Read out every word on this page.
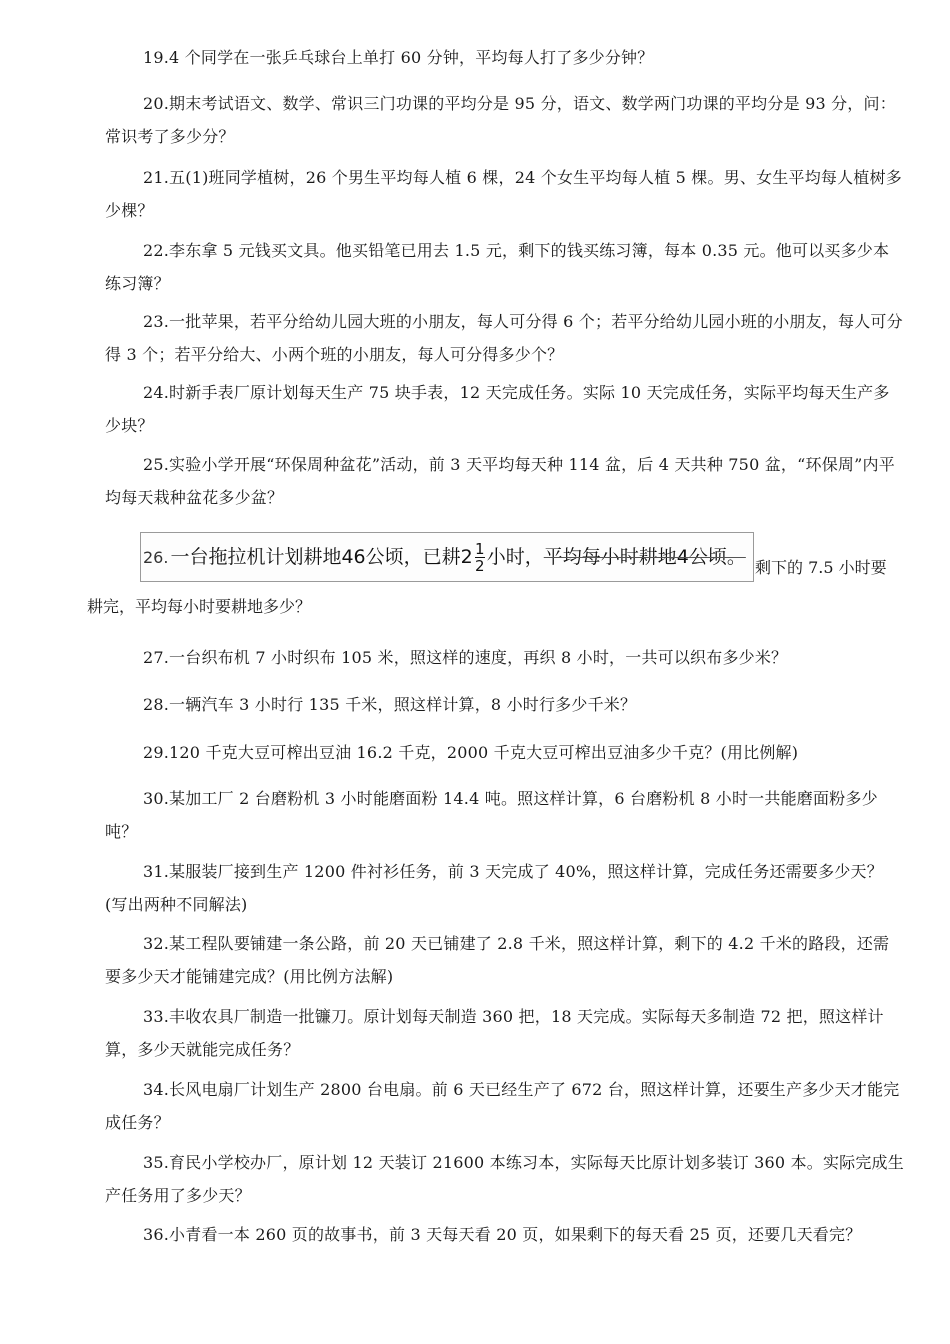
19.4 个同学在一张乒乓球台上单打 60 分钟，平均每人打了多少分钟？

20.期末考试语文、数学、常识三门功课的平均分是 95 分，语文、数学两门功课的平均分是 93 分，问：常识考了多少分？

21.五(1)班同学植树，26 个男生平均每人植 6 棵，24 个女生平均每人植 5 棵。男、女生平均每人植树多少棵？

22.李东拿 5 元钱买文具。他买铅笔已用去 1.5 元，剩下的钱买练习簿，每本 0.35 元。他可以买多少本练习簿？

23.一批苹果，若平分给幼儿园大班的小朋友，每人可分得 6 个；若平分给幼儿园小班的小朋友，每人可分得 3 个；若平分给大、小两个班的小朋友，每人可分得多少个？

24.时新手表厂原计划每天生产 75 块手表，12 天完成任务。实际 10 天完成任务，实际平均每天生产多少块？

25.实验小学开展“环保周种盆花”活动，前 3 天平均每天种 114 盆，后 4 天共种 750 盆，“环保周”内平均每天栽种盆花多少盆？

26. 一台拖拉机计划耕地46公顷，已耕$2 \frac{1}{2}$ 小时， 平均每小时耕地4公顷。 剩下的 7.5 小时要
耕完，平均每小时要耕地多少？

27.一台织布机 7 小时织布 105 米，照这样的速度，再织 8 小时，一共可以织布多少米？

28.一辆汽车 3 小时行 135 千米，照这样计算，8 小时行多少千米？

29.120 千克大豆可榨出豆油 16.2 千克，2000 千克大豆可榨出豆油多少千克？(用比例解)

30.某加工厂 2 台磨粉机 3 小时能磨面粉 14.4 吨。照这样计算，6 台磨粉机 8 小时一共能磨面粉多少吨？

31.某服装厂接到生产 1200 件衬衫任务，前 3 天完成了 40%，照这样计算，完成任务还需要多少天？(写出两种不同解法)

32.某工程队要铺建一条公路，前 20 天已铺建了 2.8 千米，照这样计算，剩下的 4.2 千米的路段，还需要多少天才能铺建完成？(用比例方法解)

33.丰收农具厂制造一批镰刀。原计划每天制造 360 把，18 天完成。实际每天多制造 72 把，照这样计算，多少天就能完成任务？

34.长风电扇厂计划生产 2800 台电扇。前 6 天已经生产了 672 台，照这样计算，还要生产多少天才能完成任务？

35.育民小学校办厂，原计划 12 天装订 21600 本练习本，实际每天比原计划多装订 360 本。实际完成生产任务用了多少天？

36.小青看一本 260 页的故事书，前 3 天每天看 20 页，如果剩下的每天看 25 页，还要几天看完？
